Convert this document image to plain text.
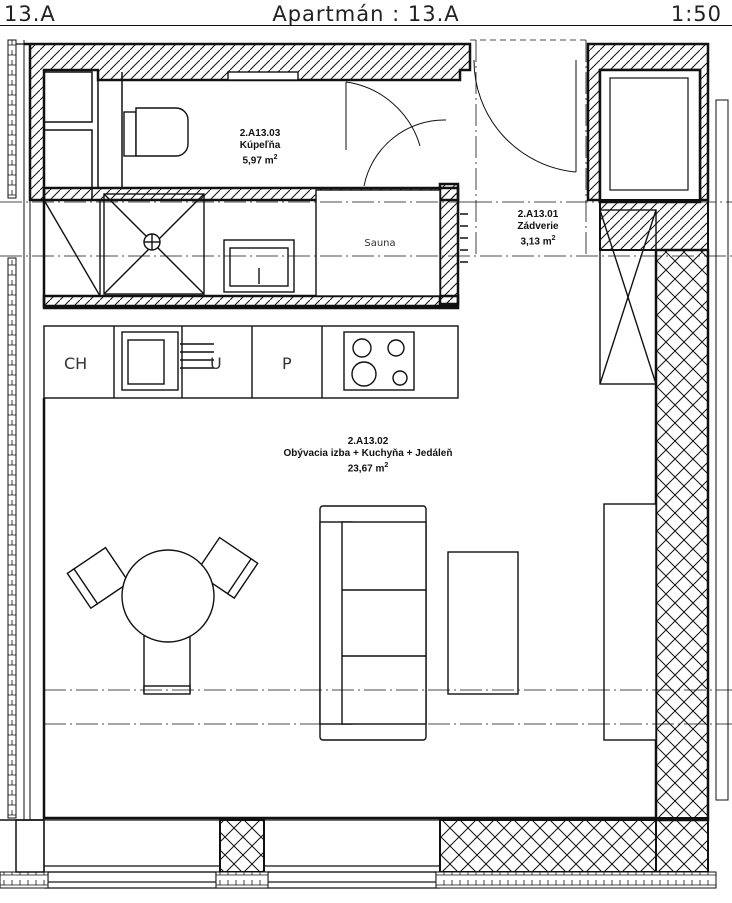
13.A	Apartmán : 13.A	1:50
2.A13.03
Kúpeľňa
5,97 $m^2$
2.A13.01
Zádverie
3,13 $m^2$
2.A13.02
Obývacia izba + Kuchyňa + Jedáleň
23,67 $m^2$
Sauna
CH	U	P
